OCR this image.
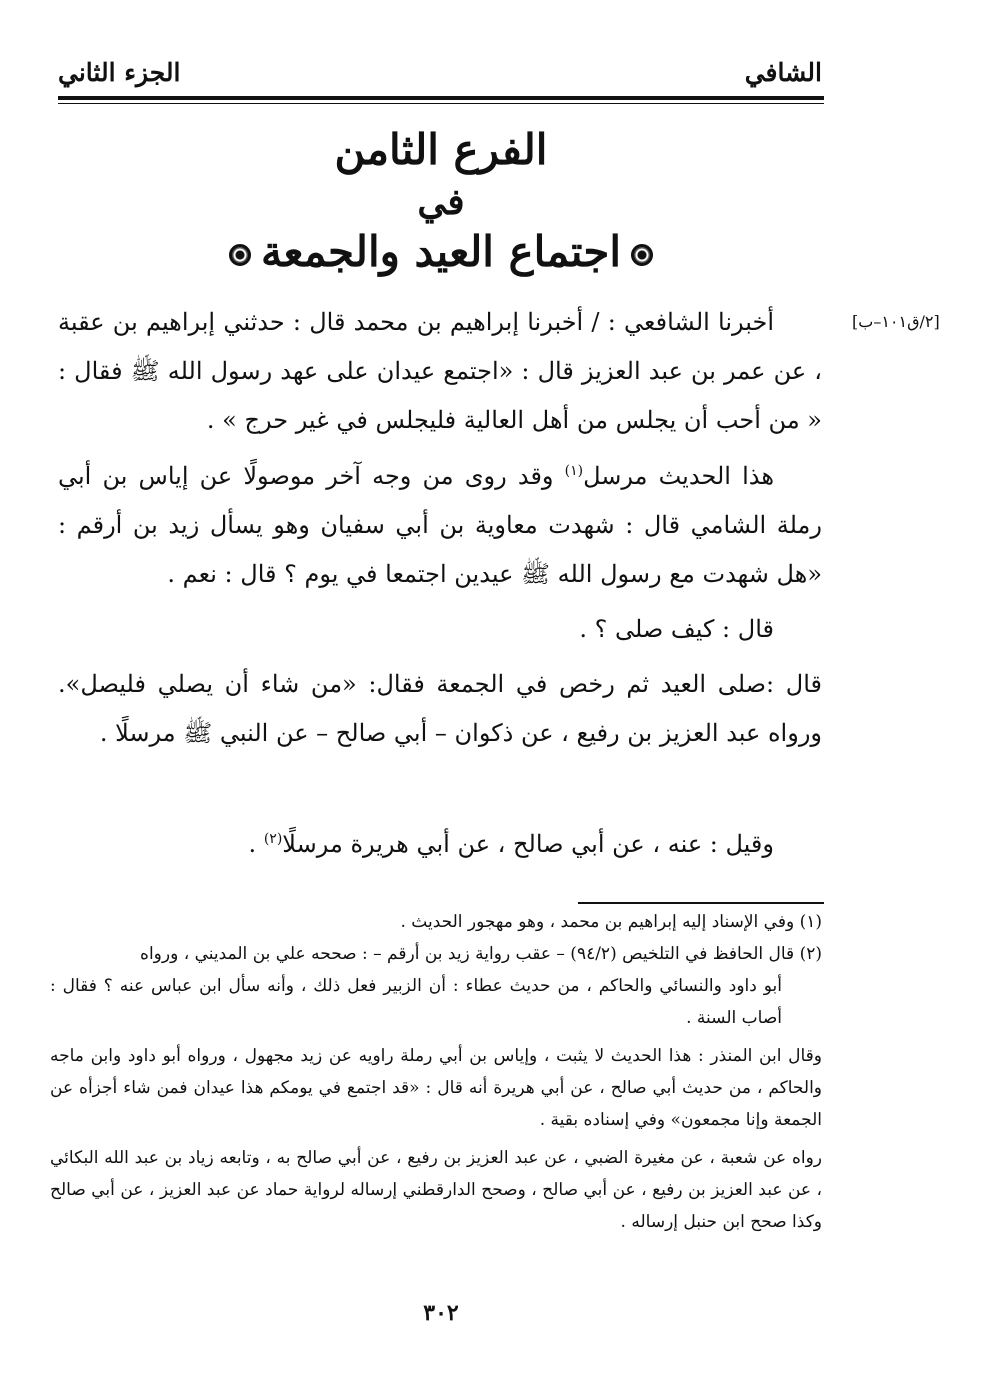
الشافي
الجزء الثاني
الفرع الثامن
في
اجتماع العيد والجمعة
[٢/ق١٠١–ب]
أخبرنا الشافعي : / أخبرنا إبراهيم بن محمد قال : حدثني إبراهيم بن عقبة ، عن عمر بن عبد العزيز قال : «اجتمع عيدان على عهد رسول الله ﷺ فقال : « من أحب أن يجلس من أهل العالية فليجلس في غير حرج » .
هذا الحديث مرسل$^{(١)}$ وقد روى من وجه آخر موصولًا عن إياس بن أبي رملة الشامي قال : شهدت معاوية بن أبي سفيان وهو يسأل زيد بن أرقم : «هل شهدت مع رسول الله ﷺ عيدين اجتمعا في يوم ؟ قال : نعم .
قال : كيف صلى ؟ .
قال :صلى العيد ثم رخص في الجمعة فقال: «من شاء أن يصلي فليصل». ورواه عبد العزيز بن رفيع ، عن ذكوان – أبي صالح – عن النبي ﷺ مرسلًا .
وقيل : عنه ، عن أبي صالح ، عن أبي هريرة مرسلًا$^{(٢)}$ .
(١) وفي الإسناد إليه إبراهيم بن محمد ، وهو مهجور الحديث .
(٢) قال الحافظ في التلخيص (٩٤/٢) – عقب رواية زيد بن أرقم – : صححه علي بن المديني ، ورواه
أبو داود والنسائي والحاكم ، من حديث عطاء : أن الزبير فعل ذلك ، وأنه سأل ابن عباس عنه ؟ فقال : أصاب السنة .
وقال ابن المنذر : هذا الحديث لا يثبت ، وإياس بن أبي رملة راويه عن زيد مجهول ، ورواه أبو داود وابن ماجه والحاكم ، من حديث أبي صالح ، عن أبي هريرة أنه قال : «قد اجتمع في يومكم هذا عيدان فمن شاء أجزأه عن الجمعة وإنا مجمعون» وفي إسناده بقية .
رواه عن شعبة ، عن مغيرة الضبي ، عن عبد العزيز بن رفيع ، عن أبي صالح به ، وتابعه زياد بن عبد الله البكائي ، عن عبد العزيز بن رفيع ، عن أبي صالح ، وصحح الدارقطني إرساله لرواية حماد عن عبد العزيز ، عن أبي صالح وكذا صحح ابن حنبل إرساله .
٣٠٢
